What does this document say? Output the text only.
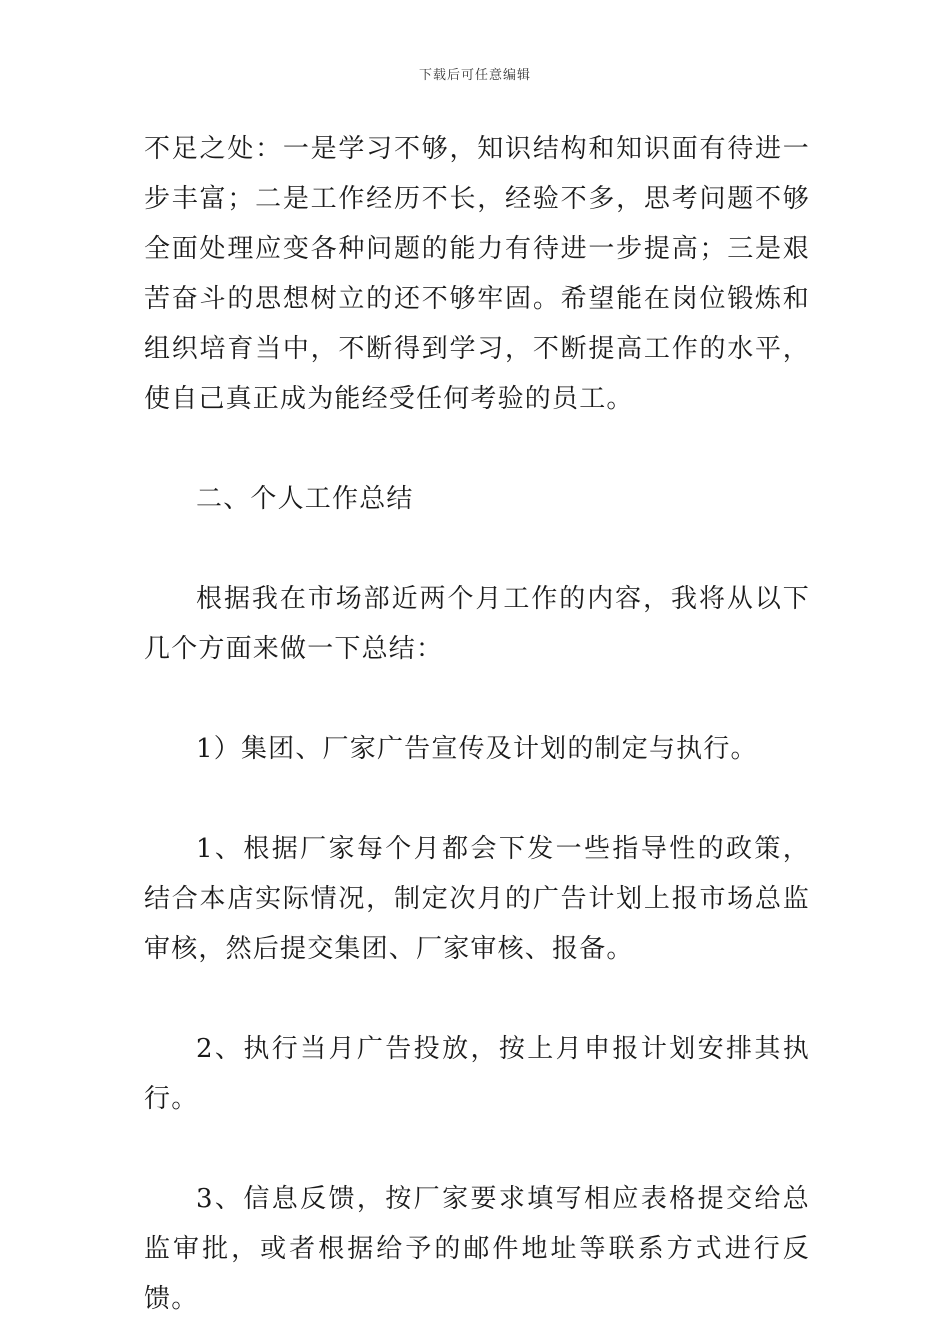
下载后可任意编辑

不足之处：一是学习不够，知识结构和知识面有待进一步丰富；二是工作经历不长，经验不多，思考问题不够全面处理应变各种问题的能力有待进一步提高；三是艰苦奋斗的思想树立的还不够牢固。希望能在岗位锻炼和组织培育当中，不断得到学习，不断提高工作的水平，使自己真正成为能经受任何考验的员工。

二、个人工作总结

根据我在市场部近两个月工作的内容，我将从以下几个方面来做一下总结：

1）集团、厂家广告宣传及计划的制定与执行。

1、根据厂家每个月都会下发一些指导性的政策，结合本店实际情况，制定次月的广告计划上报市场总监审核，然后提交集团、厂家审核、报备。

2、执行当月广告投放，按上月申报计划安排其执行。

3、信息反馈，按厂家要求填写相应表格提交给总监审批，或者根据给予的邮件地址等联系方式进行反馈。
